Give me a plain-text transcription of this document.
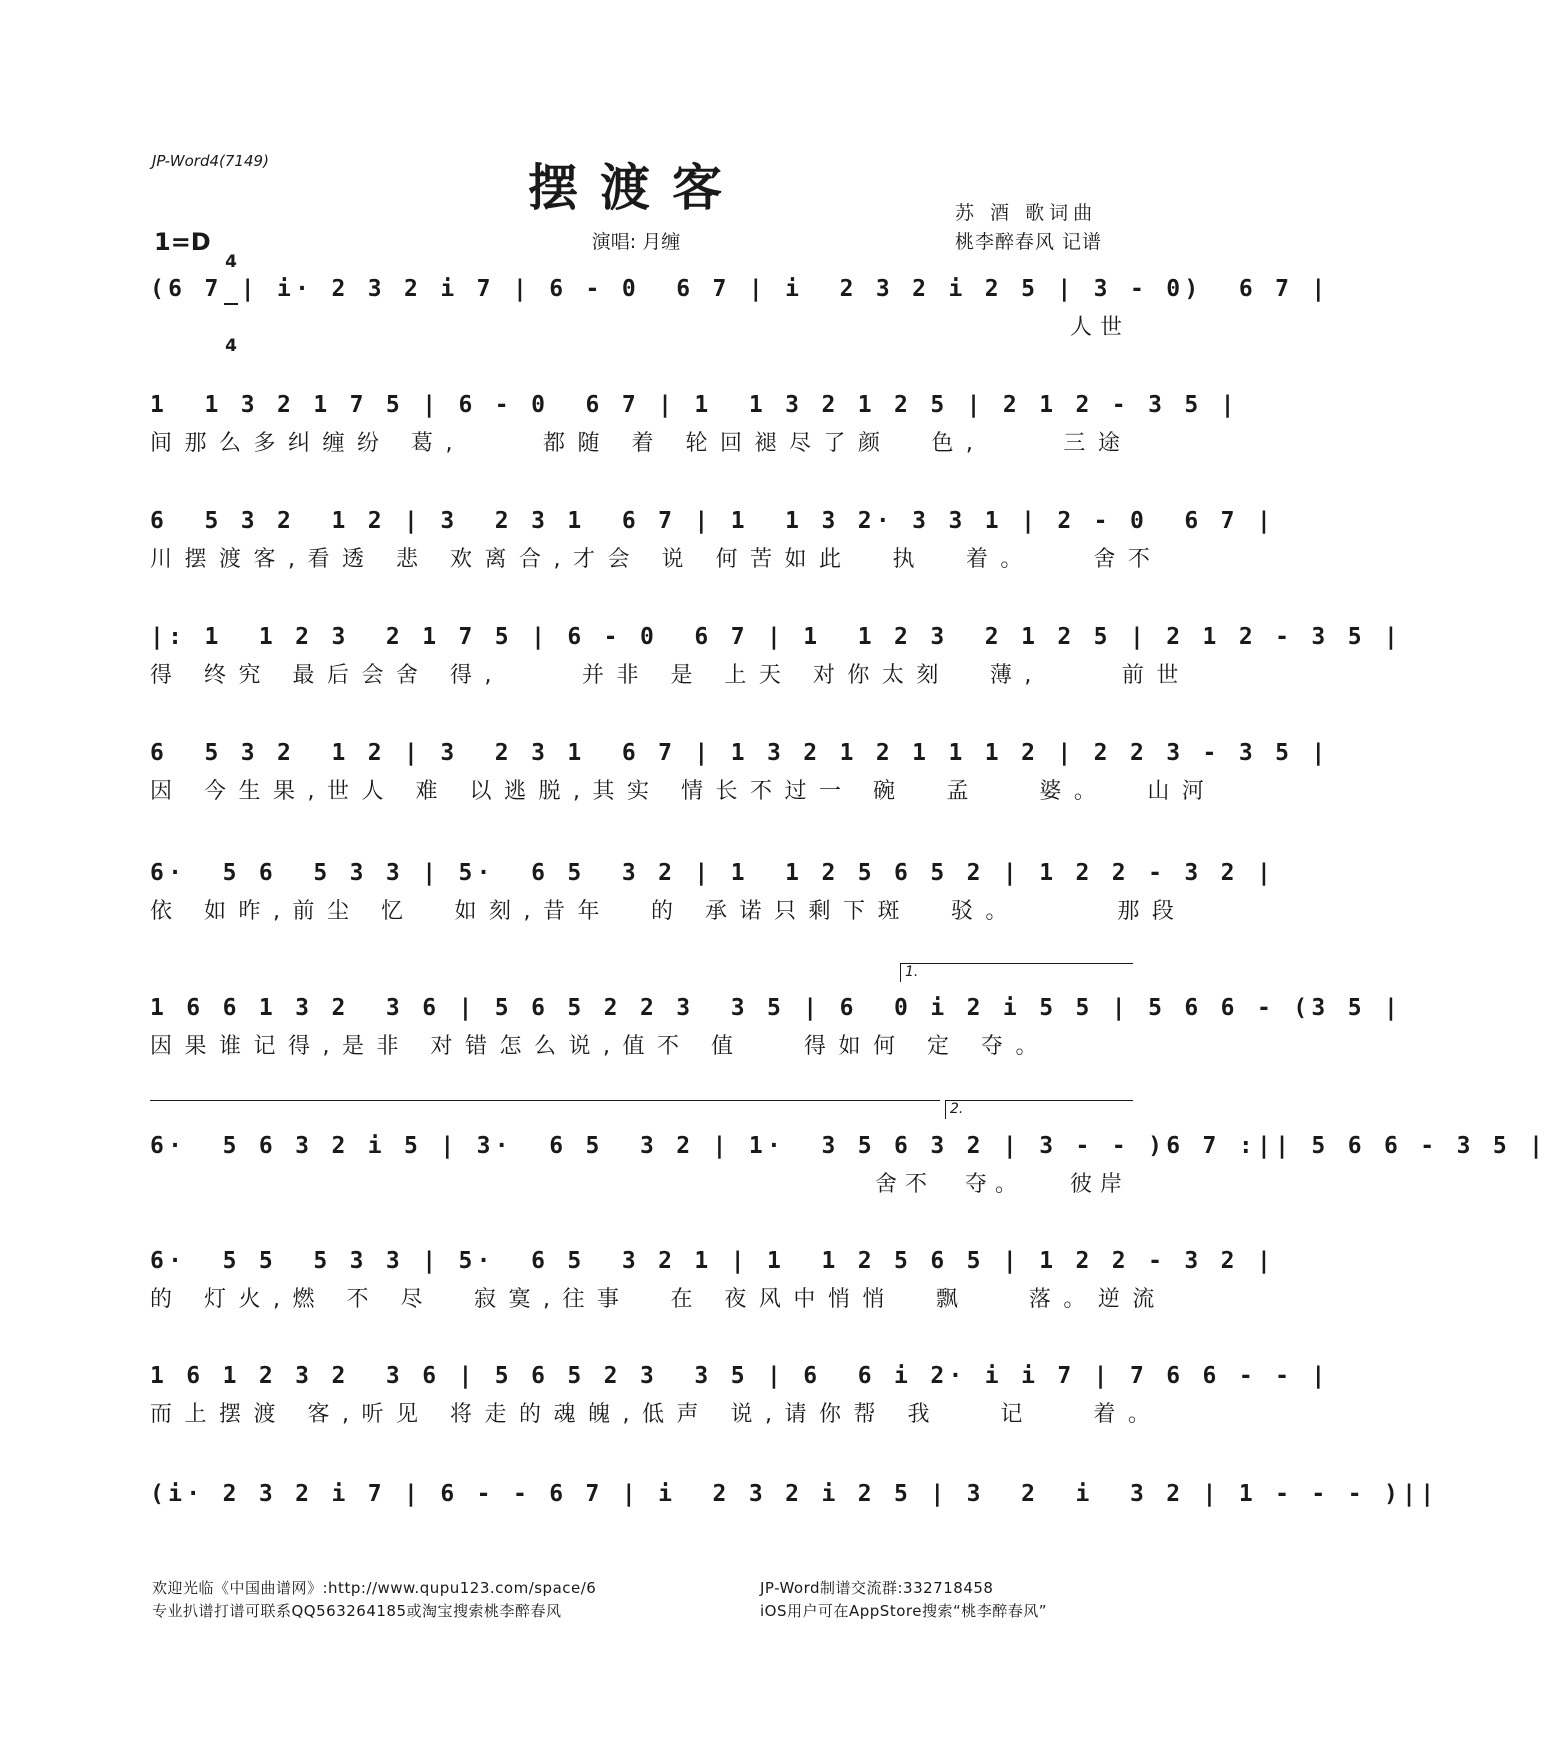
JP-Word4(7149)	摆渡客	苏 酒 歌词曲
桃李醉春风 记谱
1=D

4

4

演唱: 月缠
(6 7 | i· 2 3 2 i 7 | 6 - 0  6 7 | i  2 3 2 i 2 5 | 3 - 0)  6 7 |
人世
1  1 3 2 1 7 5 | 6 - 0  6 7 | 1  1 3 2 1 2 5 | 2 1 2 - 3 5 |
间那么多纠缠纷 葛,    都随 着 轮回褪尽了颜  色,    三途
6  5 3 2  1 2 | 3  2 3 1  6 7 | 1  1 3 2· 3 3 1 | 2 - 0  6 7 |
川摆渡客,看透 悲 欢离合,才会 说 何苦如此  执  着。   舍不
|: 1  1 2 3  2 1 7 5 | 6 - 0  6 7 | 1  1 2 3  2 1 2 5 | 2 1 2 - 3 5 |
得 终究 最后会舍 得,    并非 是 上天 对你太刻  薄,    前世
6  5 3 2  1 2 | 3  2 3 1  6 7 | 1 3 2 1 2 1 1 1 2 | 2 2 3 - 3 5 |
因 今生果,世人 难 以逃脱,其实 情长不过一 碗  孟   婆。  山河
6·  5 6  5 3 3 | 5·  6 5  3 2 | 1  1 2 5 6 5 2 | 1 2 2 - 3 2 |
依 如昨,前尘 忆  如刻,昔年  的 承诺只剩下斑  驳。     那段
1.
1 6 6 1 3 2  3 6 | 5 6 5 2 2 3  3 5 | 6  0 i 2 i 5 5 | 5 6 6 - (3 5 |
因果谁记得,是非 对错怎么说,值不 值   得如何 定 夺。
2.
6·  5 6 3 2 i 5 | 3·  6 5  3 2 | 1·  3 5 6 3 2 | 3 - - )6 7 :|| 5 6 6 - 3 5 |
舍不  夺。   彼岸
6·  5 5  5 3 3 | 5·  6 5  3 2 1 | 1  1 2 5 6 5 | 1 2 2 - 3 2 |
的 灯火,燃 不 尽  寂寞,往事  在 夜风中悄悄  飘   落。逆流
1 6 1 2 3 2  3 6 | 5 6 5 2 3  3 5 | 6  6 i 2· i i 7 | 7 6 6 - - |
而上摆渡 客,听见 将走的魂魄,低声 说,请你帮 我   记   着。
(i· 2 3 2 i 7 | 6 - - 6 7 | i  2 3 2 i 2 5 | 3  2  i  3 2 | 1 - - - )||
欢迎光临《中国曲谱网》:http://www.qupu123.com/space/6
专业扒谱打谱可联系QQ563264185或淘宝搜索桃李醉春风
JP-Word制谱交流群:332718458
iOS用户可在AppStore搜索“桃李醉春风”
